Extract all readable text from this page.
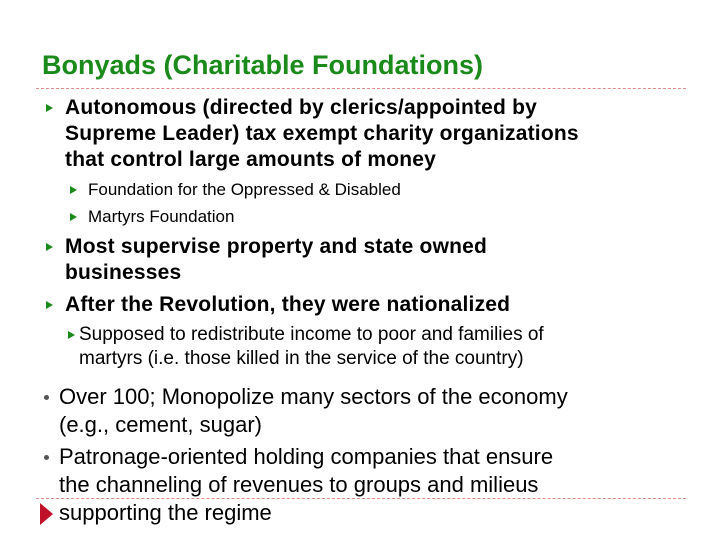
Bonyads (Charitable Foundations)
Autonomous (directed by clerics/appointed by
Supreme Leader) tax exempt charity organizations
that control large amounts of money
Foundation for the Oppressed & Disabled
Martyrs Foundation
Most supervise property and state owned
businesses
After the Revolution, they were nationalized
Supposed to redistribute income to poor and families of
martyrs (i.e. those killed in the service of the country)
Over 100; Monopolize many sectors of the economy
(e.g., cement, sugar)
Patronage-oriented holding companies that ensure
the channeling of revenues to groups and milieus
supporting the regime
